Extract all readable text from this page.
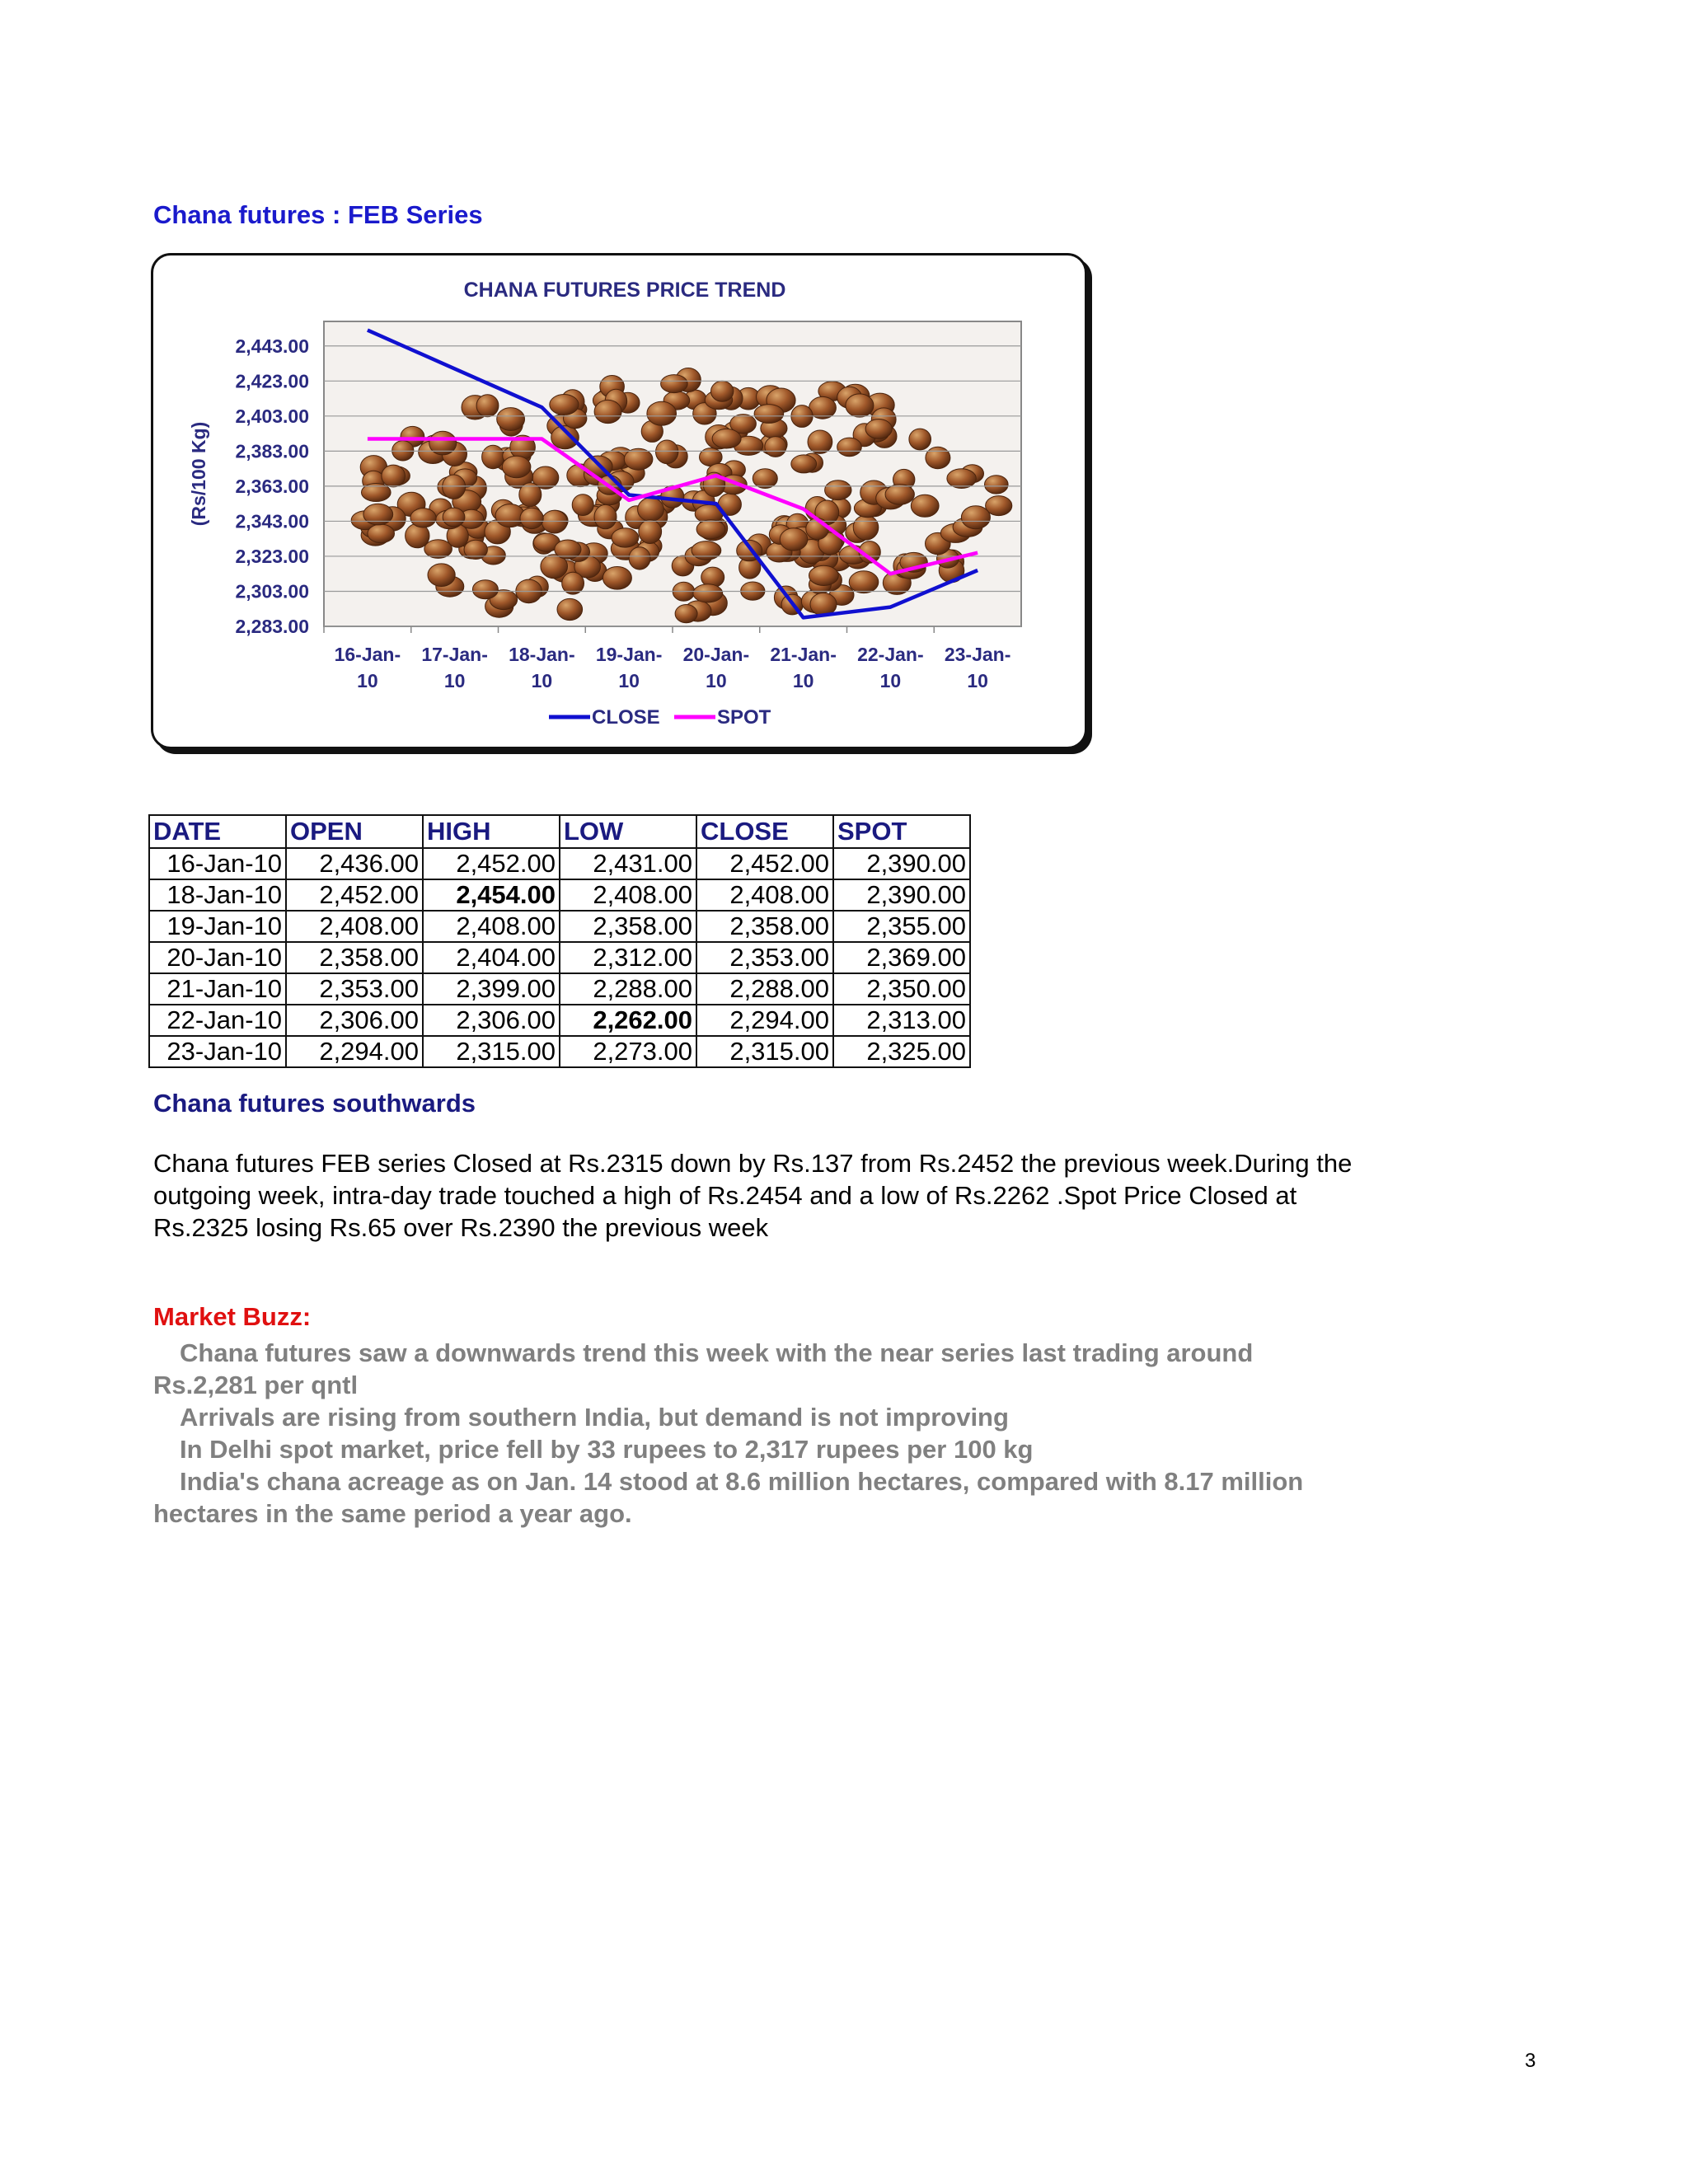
Chana futures : FEB Series
CHANA FUTURES PRICE TREND
2,283.00
2,303.00
2,323.00
2,343.00
2,363.00
2,383.00
2,403.00
2,423.00
2,443.00
16-Jan-
10
17-Jan-
10
18-Jan-
10
19-Jan-
10
20-Jan-
10
21-Jan-
10
22-Jan-
10
23-Jan-
10
(Rs/100 Kg)
CLOSE	SPOT
DATE	OPEN	HIGH	LOW	CLOSE	SPOT
16-Jan-10	2,436.00	2,452.00	2,431.00	2,452.00	2,390.00
18-Jan-10	2,452.00	2,454.00	2,408.00	2,408.00	2,390.00
19-Jan-10	2,408.00	2,408.00	2,358.00	2,358.00	2,355.00
20-Jan-10	2,358.00	2,404.00	2,312.00	2,353.00	2,369.00
21-Jan-10	2,353.00	2,399.00	2,288.00	2,288.00	2,350.00
22-Jan-10	2,306.00	2,306.00	2,262.00	2,294.00	2,313.00
23-Jan-10	2,294.00	2,315.00	2,273.00	2,315.00	2,325.00
Chana futures southwards
Chana futures FEB series Closed at Rs.2315 down by Rs.137 from Rs.2452 the previous week.During the outgoing week, intra-day trade touched a high of Rs.2454 and a low of Rs.2262 .Spot Price Closed at Rs.2325 losing Rs.65 over Rs.2390 the previous week
Market Buzz:

Chana futures saw a downwards trend this week with the near series last trading around Rs.2,281 per qntl

Arrivals are rising from southern India, but demand is not improving

In Delhi spot market, price fell by 33 rupees to 2,317 rupees per 100 kg

India's chana acreage as on Jan. 14 stood at 8.6 million hectares, compared with 8.17 million hectares in the same period a year ago.

3
